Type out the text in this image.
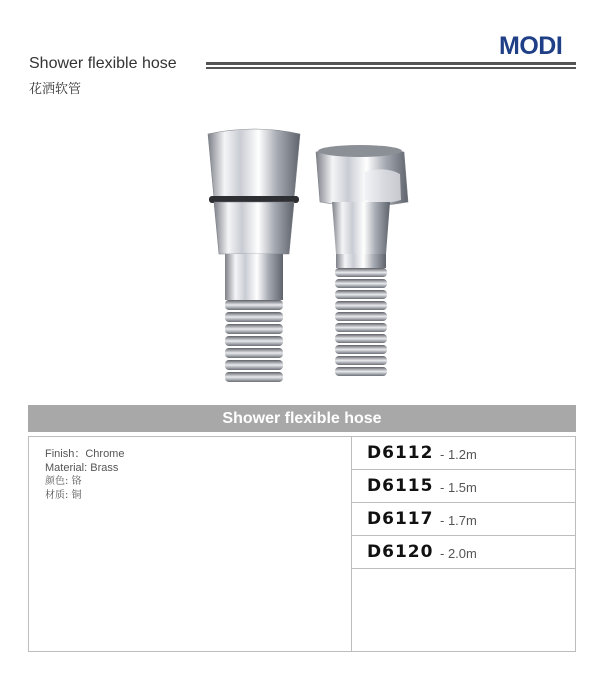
MODI
Shower flexible hose
花洒软管
Shower flexible hose
Finish：Chrome
Material: Brass
颜色: 铬
材质: 铜
D6112 - 1.2m
D6115 - 1.5m
D6117 - 1.7m
D6120 - 2.0m
